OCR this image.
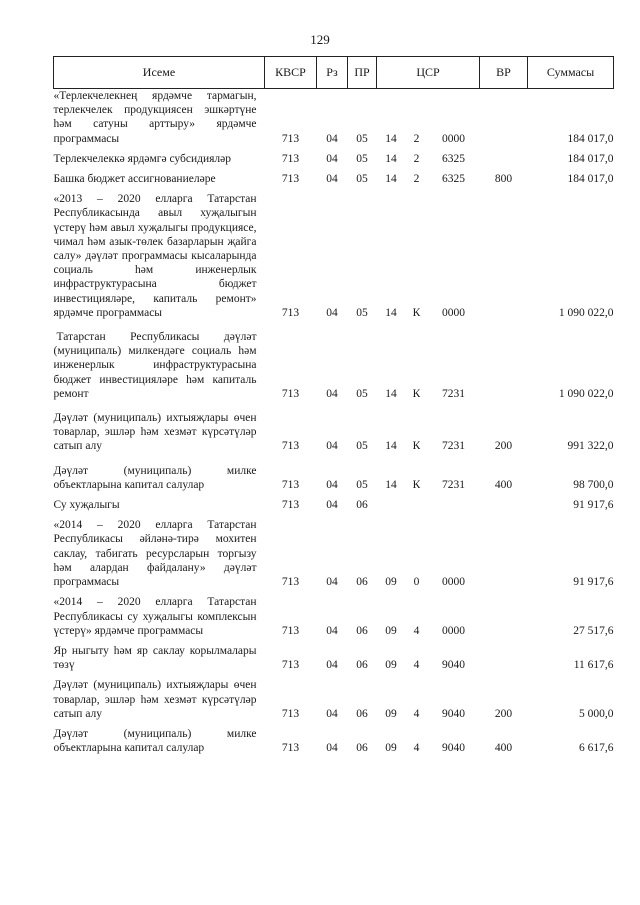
129
Исеме	КВСР	Рз	ПР	ЦСР			ВР	Суммасы
«Терлекчелекнең ярдәмче тармагын, терлекчелек продукциясен эшкәртүне һәм сатуны арттыру» ярдәмче программасы	713	04	05	14	2	0000		184 017,0
Терлекчелеккә ярдәмгә субсидияләр	713	04	05	14	2	6325		184 017,0
Башка бюджет ассигнованиеләре	713	04	05	14	2	6325	800	184 017,0
«2013 – 2020 елларга Татарстан Республикасында авыл хуҗалыгын үстерү һәм авыл хуҗалыгы продукциясе, чимал һәм азык-төлек базарларын җайга салу» дәүләт программасы кысаларында социаль һәм инженерлык инфраструктурасына бюджет инвестицияләре, капиталь ремонт» ярдәмче программасы	713	04	05	14	К	0000		1 090 022,0
Татарстан Республикасы дәүләт (муниципаль) милкендәге социаль һәм инженерлык инфраструктурасына бюджет инвестицияләре һәм капиталь ремонт	713	04	05	14	К	7231		1 090 022,0
Дәүләт (муниципаль) ихтыяҗлары өчен товарлар, эшләр һәм хезмәт күрсәтүләр сатып алу	713	04	05	14	К	7231	200	991 322,0
Дәүләт (муниципаль) милке объектларына капитал салулар	713	04	05	14	К	7231	400	98 700,0
Су хуҗалыгы	713	04	06					91 917,6
«2014 – 2020 елларга Татарстан Республикасы әйләнә-тирә мохитен саклау, табигать ресурсларын торгызу һәм алардан файдалану» дәүләт программасы	713	04	06	09	0	0000		91 917,6
«2014 – 2020 елларга Татарстан Республикасы су хуҗалыгы комплексын үстерү» ярдәмче программасы	713	04	06	09	4	0000		27 517,6
Яр ныгыту һәм яр саклау корылмалары төзү	713	04	06	09	4	9040		11 617,6
Дәүләт (муниципаль) ихтыяҗлары өчен товарлар, эшләр һәм хезмәт күрсәтүләр сатып алу	713	04	06	09	4	9040	200	5 000,0
Дәүләт (муниципаль) милке объектларына капитал салулар	713	04	06	09	4	9040	400	6 617,6
